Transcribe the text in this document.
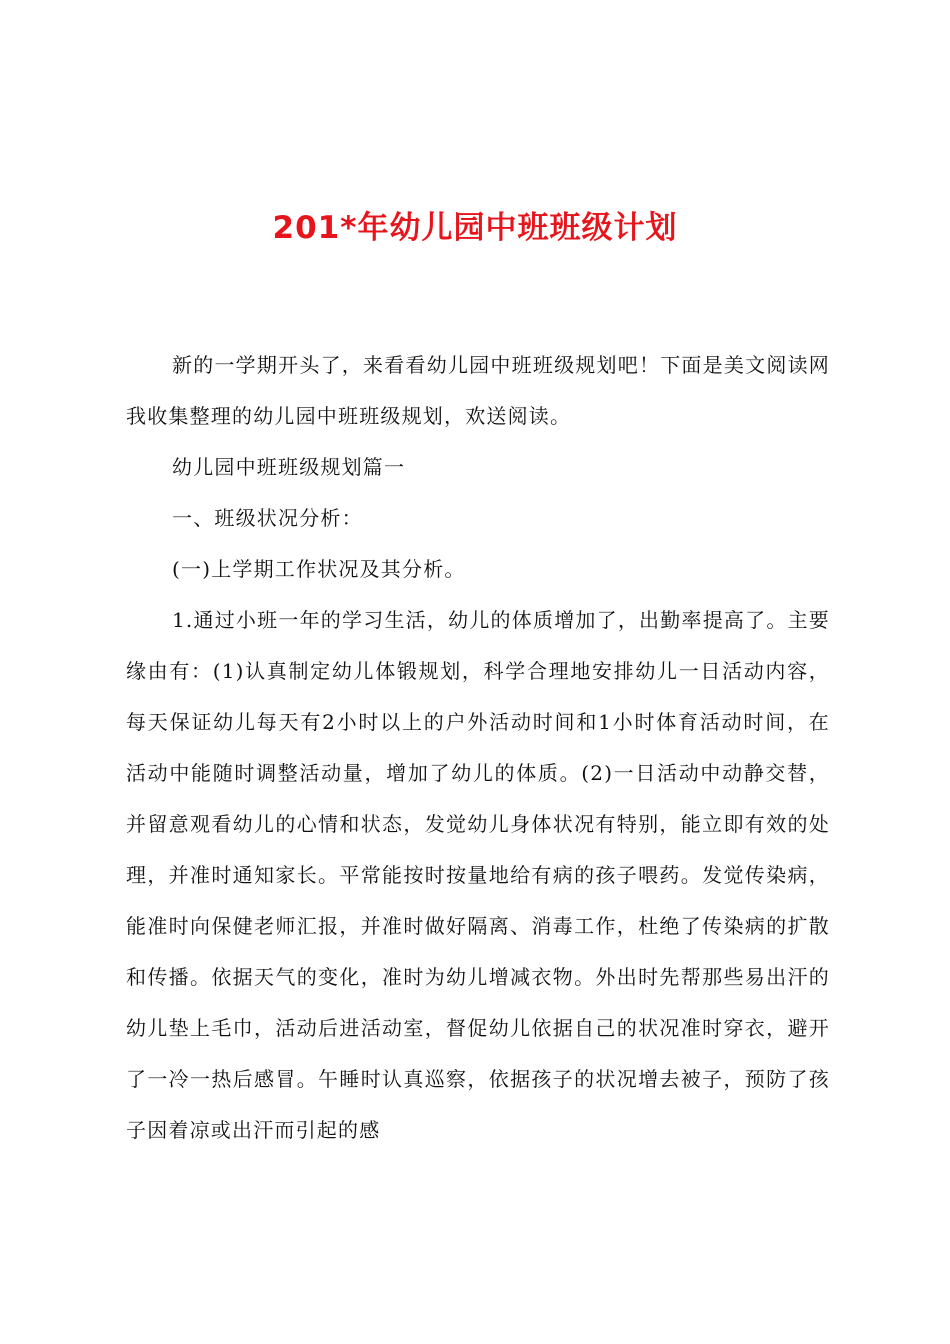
201*年幼儿园中班班级计划

新的一学期开头了，来看看幼儿园中班班级规划吧！下面是美文阅读网我收集整理的幼儿园中班班级规划，欢送阅读。

幼儿园中班班级规划篇一

一、班级状况分析：

(一)上学期工作状况及其分析。

1.通过小班一年的学习生活，幼儿的体质增加了，出勤率提高了。主要缘由有：(1)认真制定幼儿体锻规划，科学合理地安排幼儿一日活动内容，每天保证幼儿每天有2小时以上的户外活动时间和1小时体育活动时间，在活动中能随时调整活动量，增加了幼儿的体质。(2)一日活动中动静交替，并留意观看幼儿的心情和状态，发觉幼儿身体状况有特别，能立即有效的处理，并准时通知家长。平常能按时按量地给有病的孩子喂药。发觉传染病，能准时向保健老师汇报，并准时做好隔离、消毒工作，杜绝了传染病的扩散和传播。依据天气的变化，准时为幼儿增减衣物。外出时先帮那些易出汗的幼儿垫上毛巾，活动后进活动室，督促幼儿依据自己的状况准时穿衣，避开了一冷一热后感冒。午睡时认真巡察，依据孩子的状况增去被子，预防了孩子因着凉或出汗而引起的感
